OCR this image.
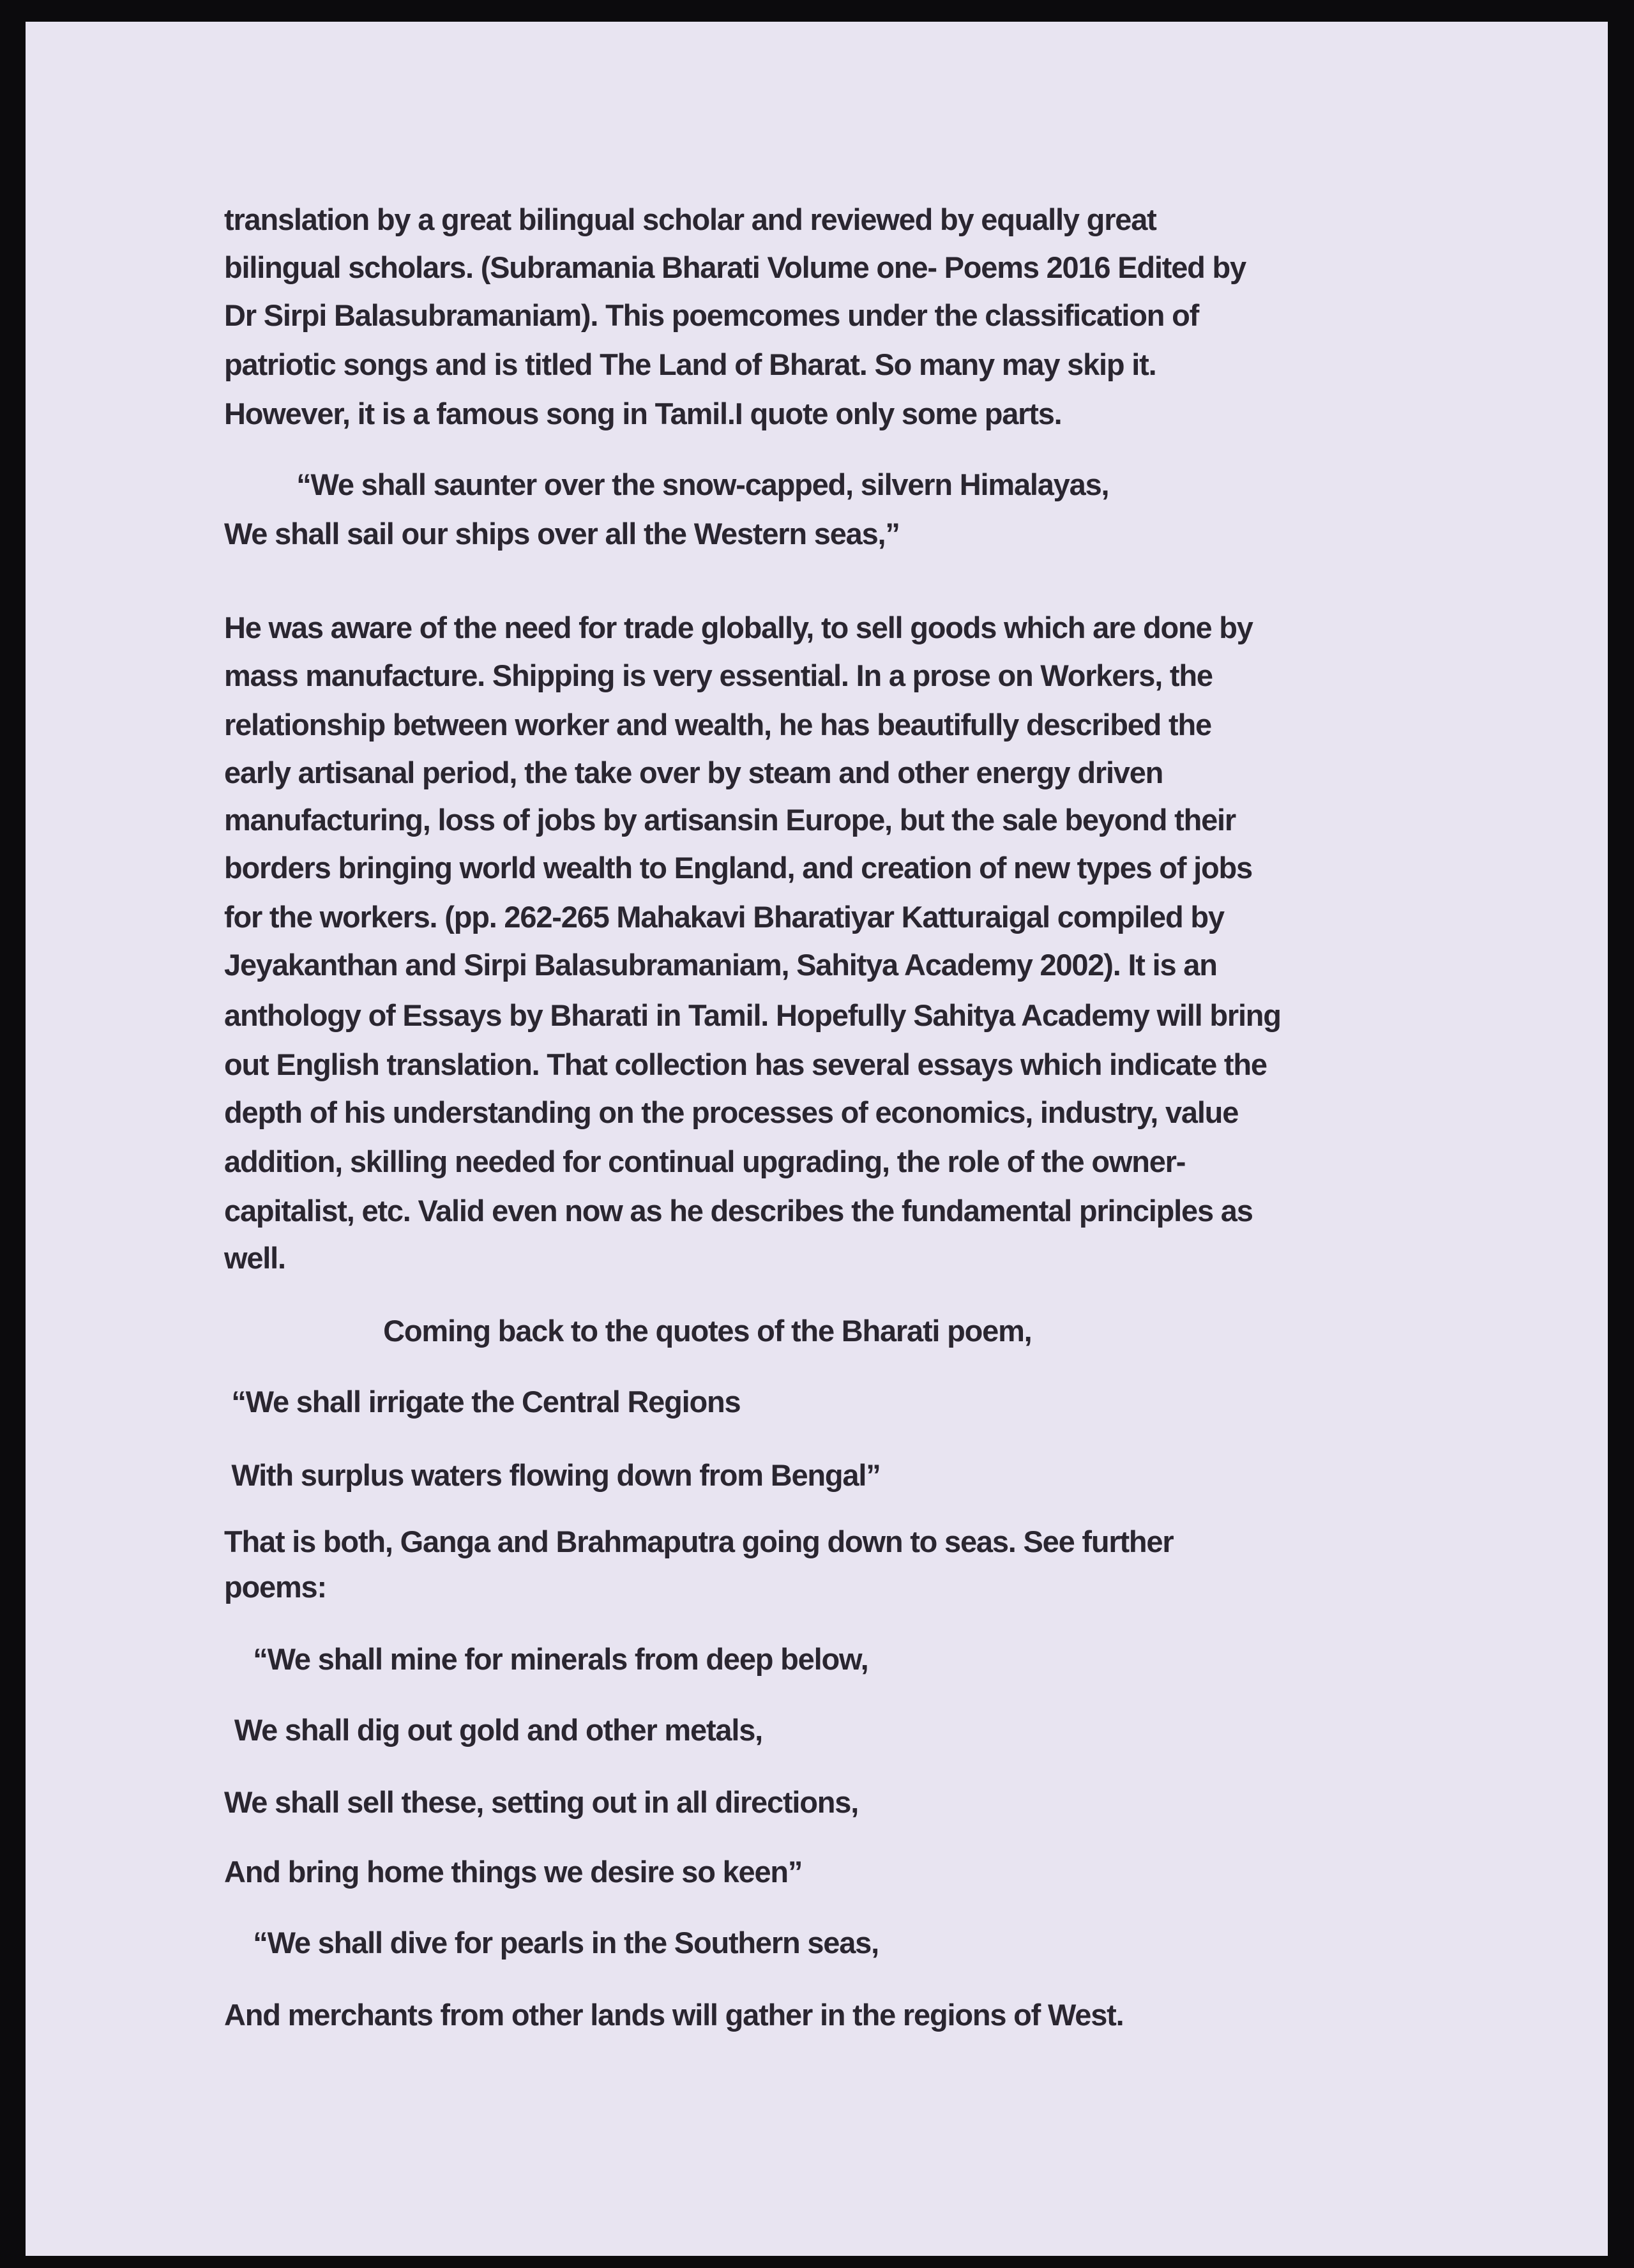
translation by a great bilingual scholar and reviewed by equally great
bilingual scholars. (Subramania Bharati Volume one- Poems 2016 Edited by
Dr Sirpi Balasubramaniam). This poemcomes under the classification of
patriotic songs and is titled The Land of Bharat. So many may skip it.
However, it is a famous song in Tamil.I quote only some parts.
“We shall saunter over the snow-capped, silvern Himalayas,
We shall sail our ships over all the Western seas,”
He was aware of the need for trade globally, to sell goods which are done by
mass manufacture. Shipping is very essential. In a prose on Workers, the
relationship between worker and wealth, he has beautifully described the
early artisanal period, the take over by steam and other energy driven
manufacturing, loss of jobs by artisansin Europe, but the sale beyond their
borders bringing world wealth to England, and creation of new types of jobs
for the workers. (pp. 262-265 Mahakavi Bharatiyar Katturaigal compiled by
Jeyakanthan and Sirpi Balasubramaniam, Sahitya Academy 2002). It is an
anthology of Essays by Bharati in Tamil. Hopefully Sahitya Academy will bring
out English translation. That collection has several essays which indicate the
depth of his understanding on the processes of economics, industry, value
addition, skilling needed for continual upgrading, the role of the owner-
capitalist, etc. Valid even now as he describes the fundamental principles as
well.
Coming back to the quotes of the Bharati poem,
“We shall irrigate the Central Regions
With surplus waters flowing down from Bengal”
That is both, Ganga and Brahmaputra going down to seas. See further
poems:
“We shall mine for minerals from deep below,
We shall dig out gold and other metals,
We shall sell these, setting out in all directions,
And bring home things we desire so keen”
“We shall dive for pearls in the Southern seas,
And merchants from other lands will gather in the regions of West.
